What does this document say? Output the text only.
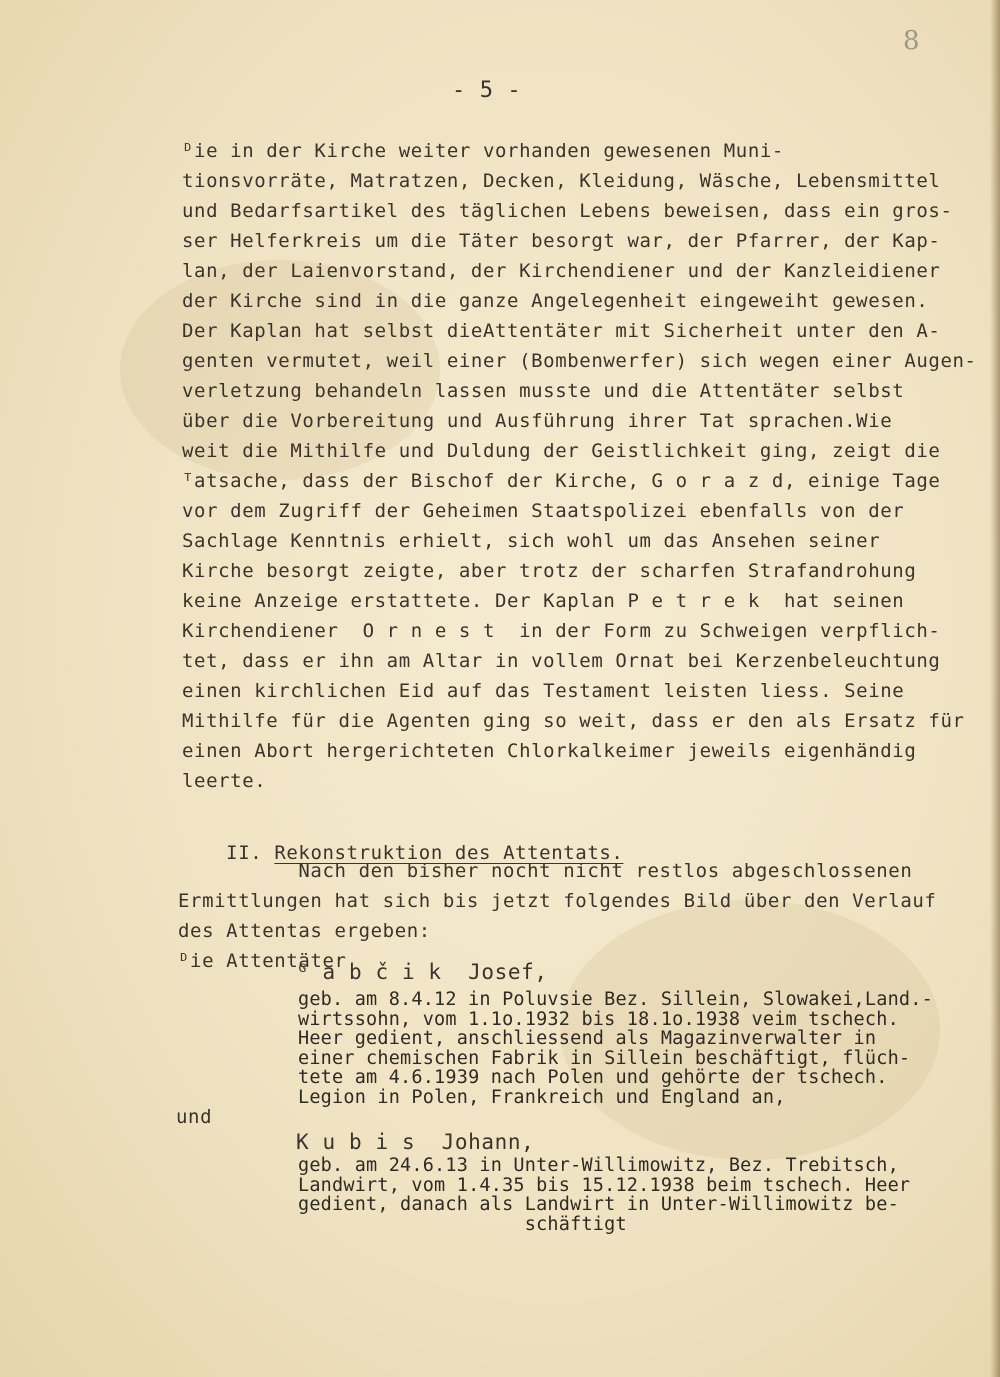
8
- 5 -
ᴰie in der Kirche weiter vorhanden gewesenen Muni-
tionsvorräte, Matratzen, Decken, Kleidung, Wäsche, Lebensmittel
und Bedarfsartikel des täglichen Lebens beweisen, dass ein gros-
ser Helferkreis um die Täter besorgt war, der Pfarrer, der Kap-
lan, der Laienvorstand, der Kirchendiener und der Kanzleidiener
der Kirche sind in die ganze Angelegenheit eingeweiht gewesen.
Der Kaplan hat selbst dieAttentäter mit Sicherheit unter den A-
genten vermutet, weil einer (Bombenwerfer) sich wegen einer Augen-
verletzung behandeln lassen musste und die Attentäter selbst
über die Vorbereitung und Ausführung ihrer Tat sprachen.Wie
weit die Mithilfe und Duldung der Geistlichkeit ging, zeigt die
ᵀatsache, dass der Bischof der Kirche, G o r a z d, einige Tage
vor dem Zugriff der Geheimen Staatspolizei ebenfalls von der
Sachlage Kenntnis erhielt, sich wohl um das Ansehen seiner
Kirche besorgt zeigte, aber trotz der scharfen Strafandrohung
keine Anzeige erstattete. Der Kaplan P e t r e k  hat seinen
Kirchendiener  O r n e s t  in der Form zu Schweigen verpflich-
tet, dass er ihn am Altar in vollem Ornat bei Kerzenbeleuchtung
einen kirchlichen Eid auf das Testament leisten liess. Seine
Mithilfe für die Agenten ging so weit, dass er den als Ersatz für
einen Abort hergerichteten Chlorkalkeimer jeweils eigenhändig
leerte.

II. Rekonstruktion des Attentats.

Nach den bisher nocht nicht restlos abgeschlossenen
Ermittlungen hat sich bis jetzt folgendes Bild über den Verlauf
des Attentas ergeben:
ᴰie Attentäter
ᴳ a b č i k  Josef,
geb. am 8.4.12 in Poluvsie Bez. Sillein, Slowakei,Land.-
wirtssohn, vom 1.1o.1932 bis 18.1o.1938 veim tschech.
Heer gedient, anschliessend als Magazinverwalter in
einer chemischen Fabrik in Sillein beschäftigt, flüch-
tete am 4.6.1939 nach Polen und gehörte der tschech.
Legion in Polen, Frankreich und England an,
und
K u b i s  Johann,
geb. am 24.6.13 in Unter-Willimowitz, Bez. Trebitsch,
Landwirt, vom 1.4.35 bis 15.12.1938 beim tschech. Heer
gedient, danach als Landwirt in Unter-Willimowitz be-
schäftigt
